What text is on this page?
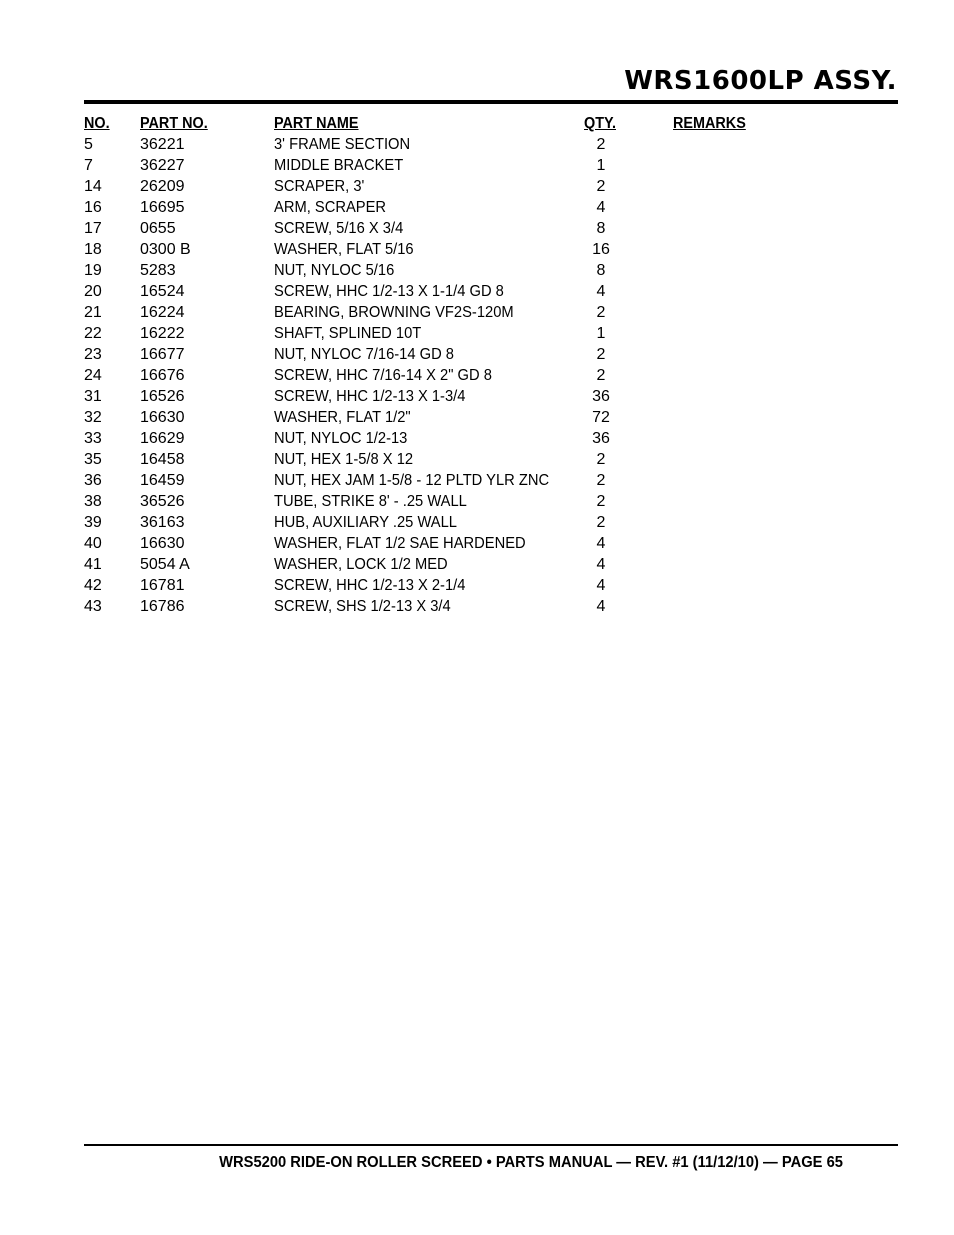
WRS1600LP ASSY.
NO. PART NO.	PART NAME	QTY.	REMARKS
5	36221	3' FRAME SECTION	2
7	36227	MIDDLE BRACKET	1
14 26209	SCRAPER, 3'	2
16 16695	ARM, SCRAPER	4
17 0655	SCREW, 5/16 X 3/4	8
18 0300 B	WASHER, FLAT 5/16	16
19 5283	NUT, NYLOC 5/16	8
20 16524	SCREW, HHC 1/2-13 X 1-1/4 GD 8	4
21 16224	BEARING, BROWNING VF2S-120M	2
22 16222	SHAFT, SPLINED 10T	1
23 16677	NUT, NYLOC 7/16-14 GD 8	2
24 16676	SCREW, HHC 7/16-14 X 2" GD 8	2
31 16526	SCREW, HHC 1/2-13 X 1-3/4	36
32 16630	WASHER, FLAT 1/2"	72
33 16629	NUT, NYLOC 1/2-13	36
35 16458	NUT, HEX 1-5/8 X 12	2
36 16459	NUT, HEX JAM 1-5/8 - 12 PLTD YLR ZNC	2
38 36526	TUBE, STRIKE 8' - .25 WALL	2
39 36163	HUB, AUXILIARY .25 WALL	2
40 16630	WASHER, FLAT 1/2 SAE HARDENED	4
41 5054 A	WASHER, LOCK 1/2 MED	4
42 16781	SCREW, HHC 1/2-13 X 2-1/4	4
43 16786	SCREW, SHS 1/2-13 X 3/4	4
WRS5200 RIDE-ON ROLLER SCREED • PARTS MANUAL — REV. #1 (11/12/10) — PAGE 65
